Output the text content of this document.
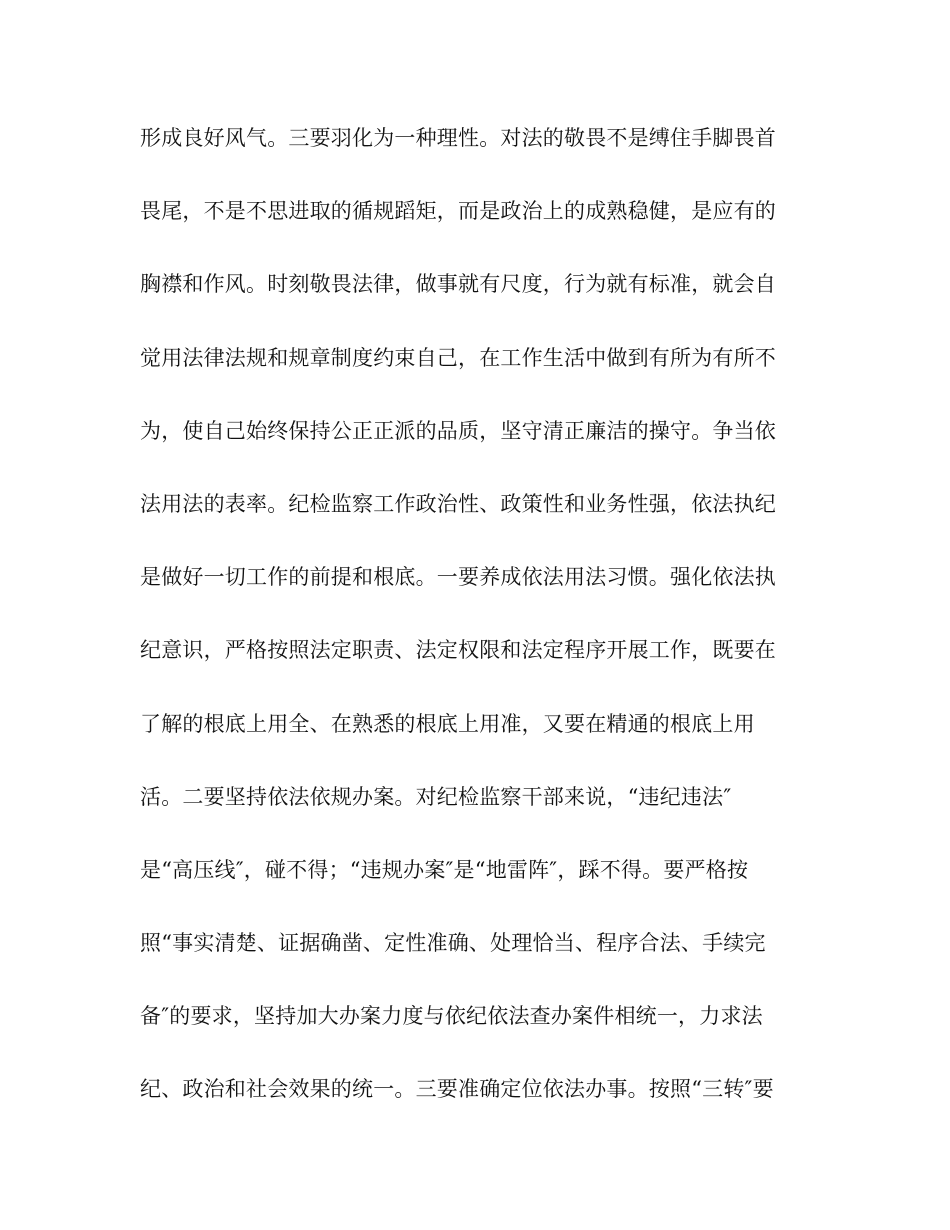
形成良好风气。三要羽化为一种理性。对法的敬畏不是缚住手脚畏首
畏尾，不是不思进取的循规蹈矩，而是政治上的成熟稳健，是应有的
胸襟和作风。时刻敬畏法律，做事就有尺度，行为就有标准，就会自
觉用法律法规和规章制度约束自己，在工作生活中做到有所为有所不
为，使自己始终保持公正正派的品质，坚守清正廉洁的操守。争当依
法用法的表率。纪检监察工作政治性、政策性和业务性强，依法执纪
是做好一切工作的前提和根底。一要养成依法用法习惯。强化依法执
纪意识，严格按照法定职责、法定权限和法定程序开展工作，既要在
了解的根底上用全、在熟悉的根底上用准，又要在精通的根底上用
活。二要坚持依法依规办案。对纪检监察干部来说，“违纪违法″
是“高压线″，碰不得；“违规办案″是“地雷阵″，踩不得。要严格按
照“事实清楚、证据确凿、定性准确、处理恰当、程序合法、手续完
备″的要求，坚持加大办案力度与依纪依法查办案件相统一，力求法
纪、政治和社会效果的统一。三要准确定位依法办事。按照“三转″要
